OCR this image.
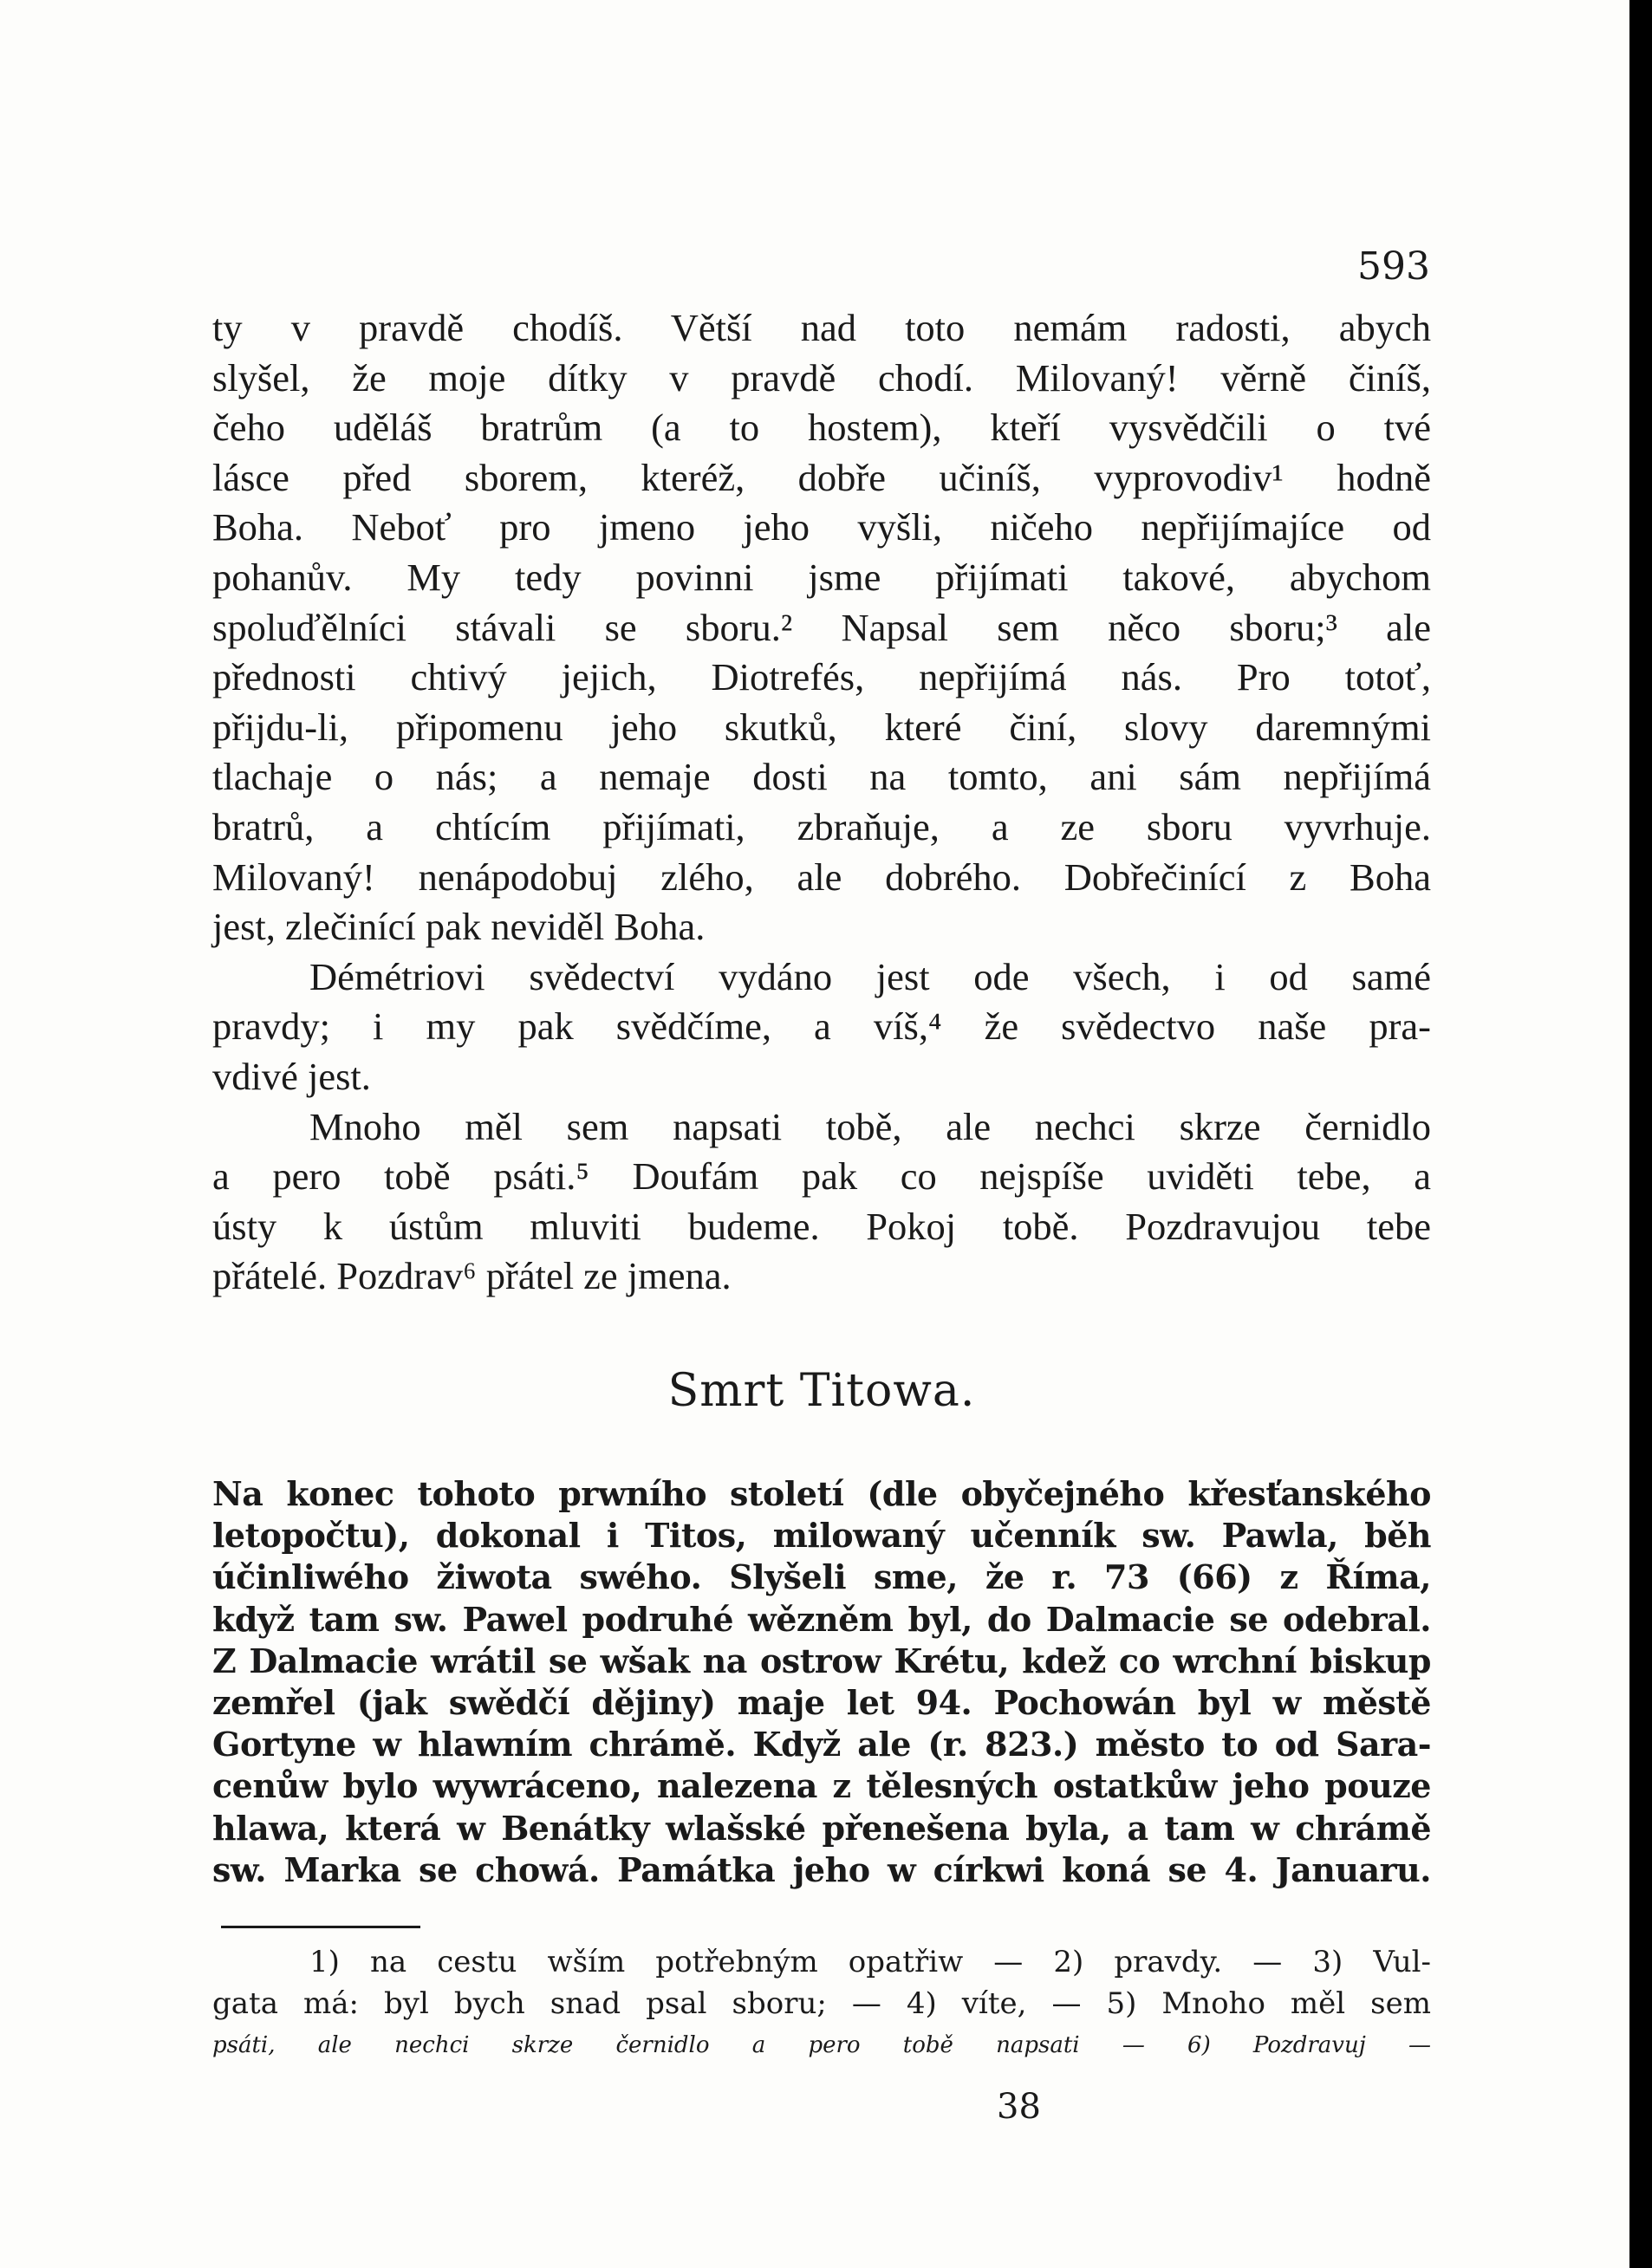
593
ty v pravdě chodíš. Větší nad toto nemám radosti, abych
slyšel, že moje dítky v pravdě chodí. Milovaný! věrně činíš,
čeho uděláš bratrům (a to hostem), kteří vysvědčili o tvé
lásce před sborem, kteréž, dobře učiníš, vyprovodiv¹ hodně
Boha. Neboť pro jmeno jeho vyšli, ničeho nepřijímajíce od
pohanův. My tedy povinni jsme přijímati takové, abychom
spoluďělníci stávali se sboru.² Napsal sem něco sboru;³ ale
přednosti chtivý jejich, Diotrefés, nepřijímá nás. Pro totoť,
přijdu-li, připomenu jeho skutků, které činí, slovy daremnými
tlachaje o nás; a nemaje dosti na tomto, ani sám nepřijímá
bratrů, a chtícím přijímati, zbraňuje, a ze sboru vyvrhuje.
Milovaný! nenápodobuj zlého, ale dobrého. Dobřečinící z Boha
jest, zlečinící pak neviděl Boha.
Démétriovi svědectví vydáno jest ode všech, i od samé
pravdy; i my pak svědčíme, a víš,⁴ že svědectvo naše pra-
vdivé jest.
Mnoho měl sem napsati tobě, ale nechci skrze černidlo
a pero tobě psáti.⁵ Doufám pak co nejspíše uviděti tebe, a
ústy k ústům mluviti budeme. Pokoj tobě. Pozdravujou tebe
přátelé. Pozdrav⁶ přátel ze jmena.
Smrt Titowa.
Na konec tohoto prwního století (dle obyčejného křesťanského
letopočtu), dokonal i Titos, milowaný učenník sw. Pawla, běh
účinliwého žiwota swého. Slyšeli sme, že r. 73 (66) z Říma,
když tam sw. Pawel podruhé wězněm byl, do Dalmacie se odebral.
Z Dalmacie wrátil se wšak na ostrow Krétu, kdež co wrchní biskup
zemřel (jak swědčí dějiny) maje let 94. Pochowán byl w městě
Gortyne w hlawním chrámě. Když ale (r. 823.) město to od Sara-
cenůw bylo wywráceno, nalezena z tělesných ostatkůw jeho pouze
hlawa, která w Benátky wlašské přenešena byla, a tam w chrámě
sw. Marka se chowá. Památka jeho w církwi koná se 4. Januaru.
1) na cestu wším potřebným opatřiw — 2) pravdy. — 3) Vul-
gata má: byl bych snad psal sboru; — 4) víte, — 5) Mnoho měl sem
psáti, ale nechci skrze černidlo a pero tobě napsati — 6) Pozdravuj —
38
